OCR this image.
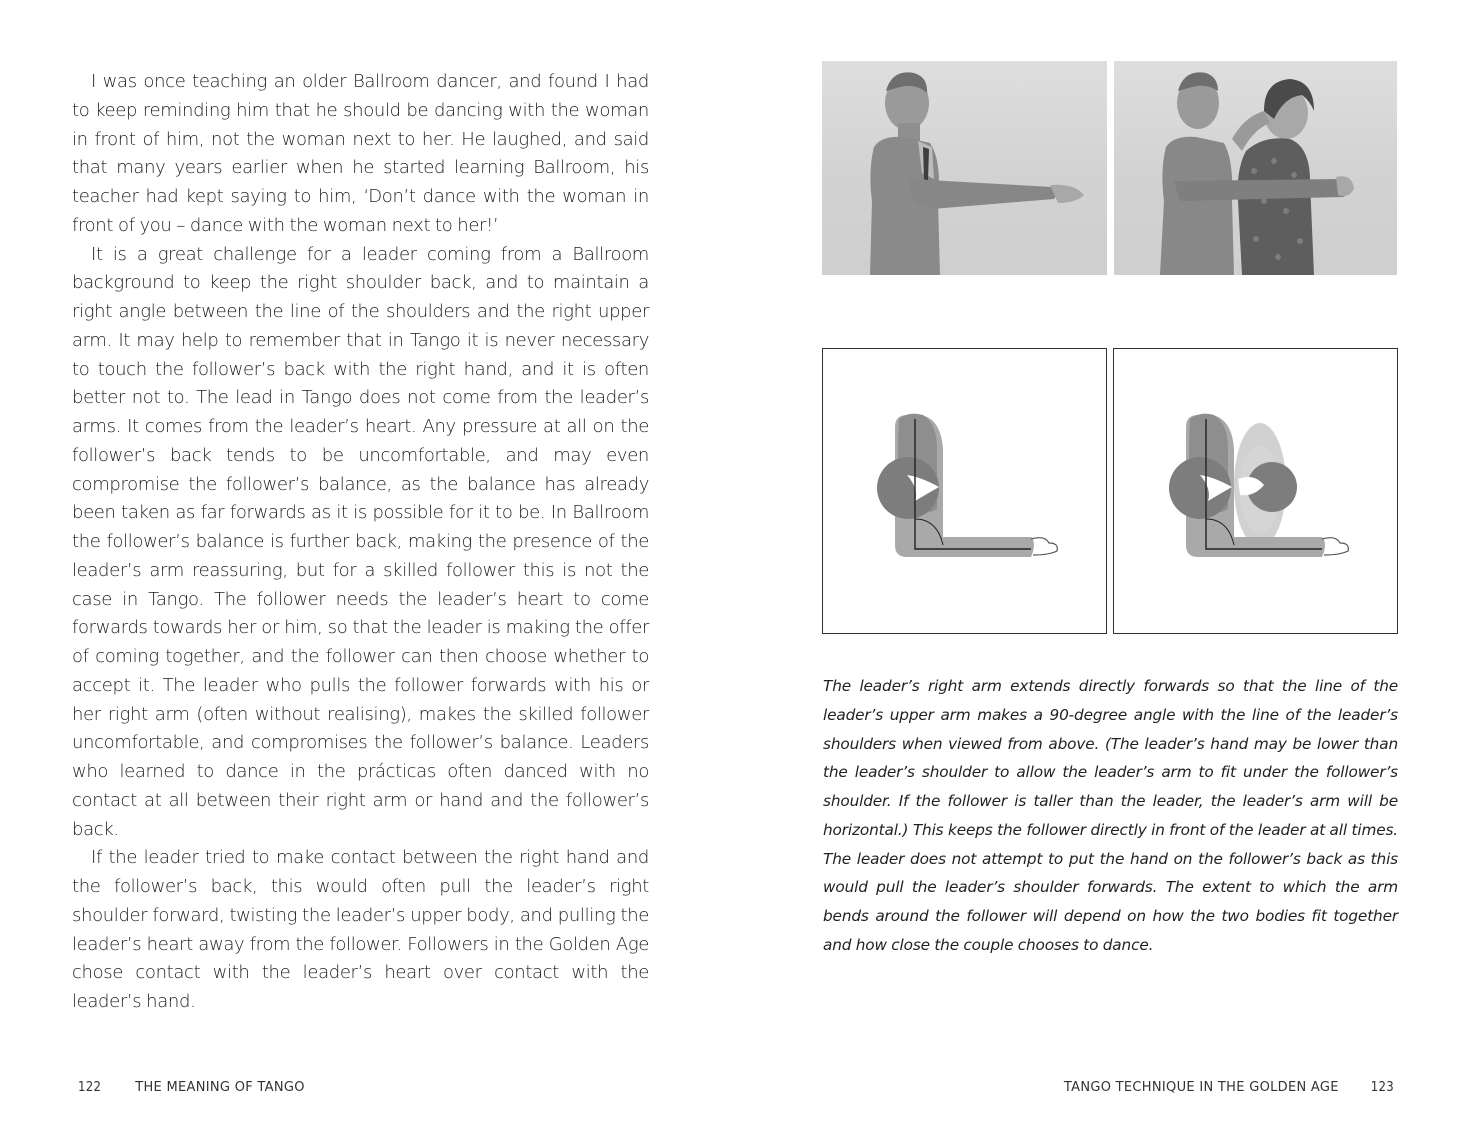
I was once teaching an older Ballroom dancer, and found I had to keep reminding him that he should be dancing with the woman in front of him, not the woman next to her. He laughed, and said that many years earlier when he started learning Ballroom, his teacher had kept saying to him, ‘Don’t dance with the woman in front of you – dance with the woman next to her!’

It is a great challenge for a leader coming from a Ballroom background to keep the right shoulder back, and to maintain a right angle between the line of the shoulders and the right upper arm. It may help to remember that in Tango it is never necessary to touch the follower’s back with the right hand, and it is often better not to. The lead in Tango does not come from the leader’s arms. It comes from the leader’s heart. Any pressure at all on the follower’s back tends to be uncomfortable, and may even compromise the follower’s balance, as the balance has already been taken as far forwards as it is possible for it to be. In Ballroom the follower’s balance is further back, making the presence of the leader’s arm reassuring, but for a skilled follower this is not the case in Tango. The follower needs the leader’s heart to come forwards towards her or him, so that the leader is making the offer of coming together, and the follower can then choose whether to accept it. The leader who pulls the follower forwards with his or her right arm (often without realising), makes the skilled follower uncomfortable, and compromises the follower’s balance. Leaders who learned to dance in the prácticas often danced with no contact at all between their right arm or hand and the follower’s back.

If the leader tried to make contact between the right hand and the follower’s back, this would often pull the leader’s right shoulder forward, twisting the leader’s upper body, and pulling the leader’s heart away from the follower. Followers in the Golden Age chose contact with the leader’s heart over contact with the leader’s hand.

122	THE MEANING OF TANGO
The leader’s right arm extends directly forwards so that the line of the leader’s upper arm makes a 90-degree angle with the line of the leader’s shoulders when viewed from above. (The leader’s hand may be lower than the leader’s shoulder to allow the leader’s arm to fit under the follower’s shoulder. If the follower is taller than the leader, the leader’s arm will be horizontal.) This keeps the follower directly in front of the leader at all times. The leader does not attempt to put the hand on the follower’s back as this would pull the leader’s shoulder forwards. The extent to which the arm bends around the follower will depend on how the two bodies fit together and how close the couple chooses to dance.
TANGO TECHNIQUE IN THE GOLDEN AGE 123
